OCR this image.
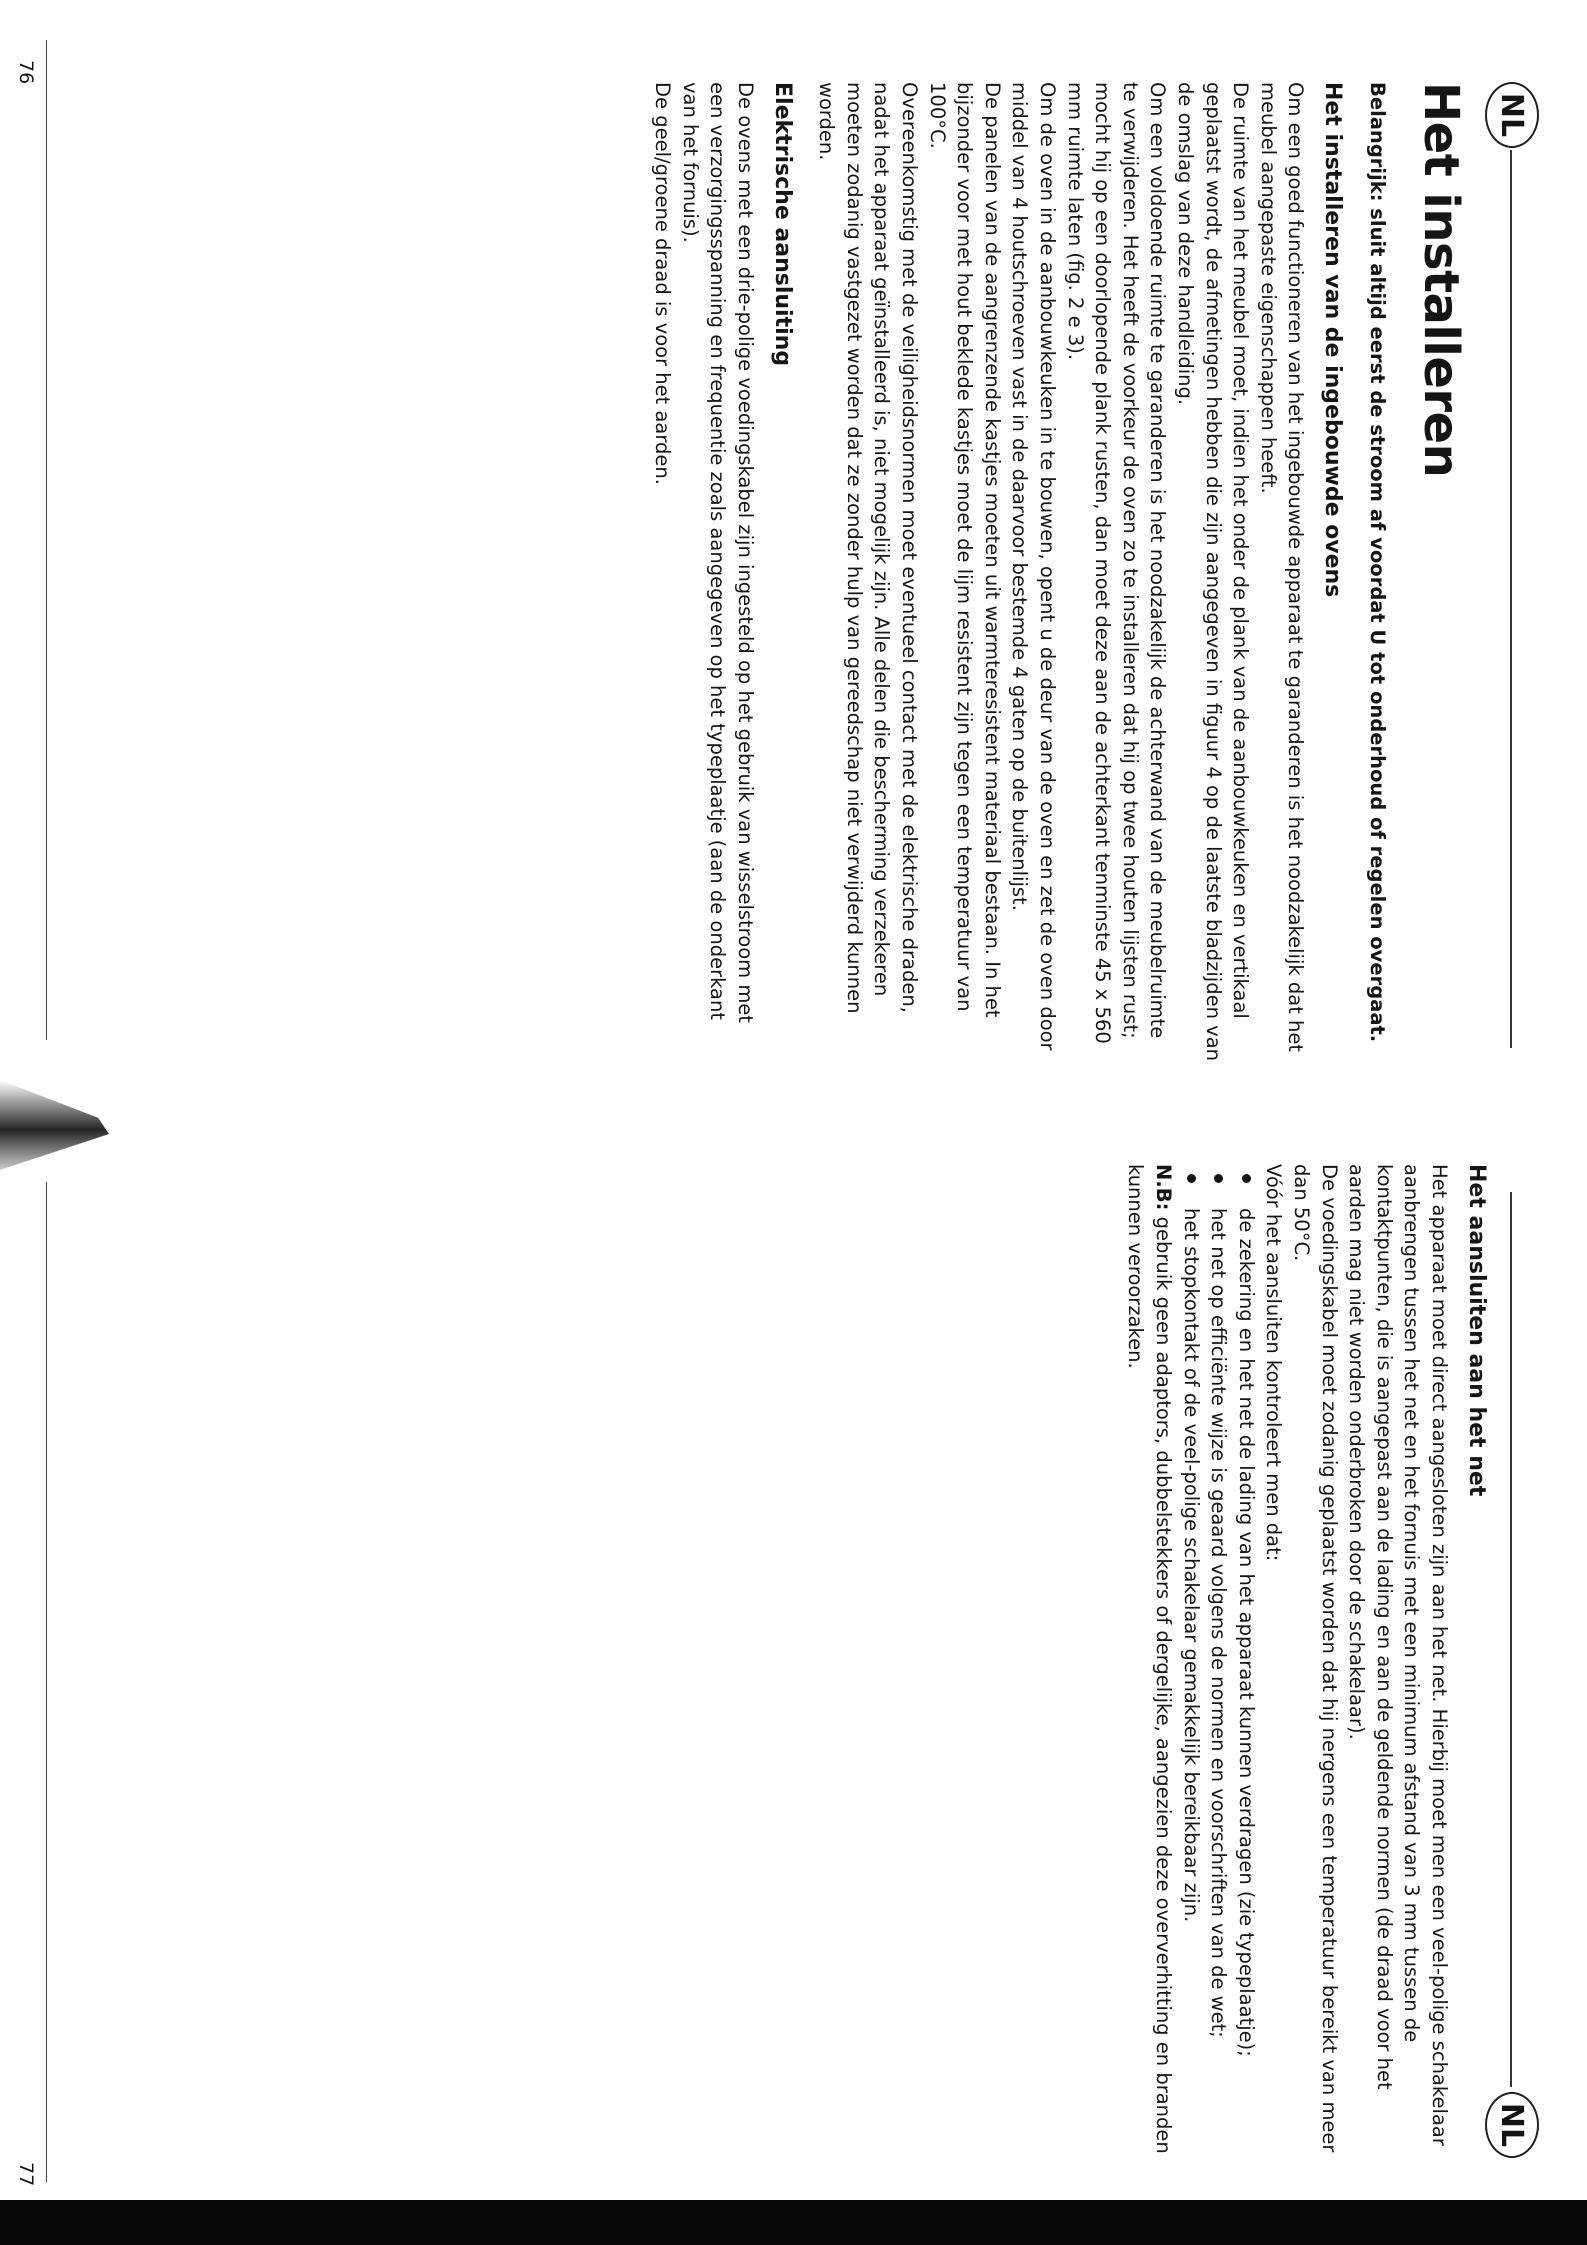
NL
Het installeren

Belangrijk: sluit altijd eerst de stroom af voordat U tot onderhoud of regelen overgaat.

Het installeren van de ingebouwde ovens

Om een goed functioneren van het ingebouwde apparaat te garanderen is het noodzakelijk dat het meubel aangepaste eigenschappen heeft.

De ruimte van het meubel moet, indien het onder de plank van de aanbouwkeuken en vertikaal geplaatst wordt, de afmetingen hebben die zijn aangegeven in figuur 4 op de laatste bladzijden van de omslag van deze handleiding.

Om een voldoende ruimte te garanderen is het noodzakelijk de achterwand van de meubelruimte te verwijderen. Het heeft de voorkeur de oven zo te installeren dat hij op twee houten lijsten rust; mocht hij op een doorlopende plank rusten, dan moet deze aan de achterkant tenminste 45 x 560 mm ruimte laten (fig. 2 e 3).

Om de oven in de aanbouwkeuken in te bouwen, opent u de deur van de oven en zet de oven door middel van 4 houtschroeven vast in de daarvoor bestemde 4 gaten op de buitenlijst.

De panelen van de aangrenzende kastjes moeten uit warmteresistent materiaal bestaan. In het bijzonder voor met hout beklede kastjes moet de lijm resistent zijn tegen een temperatuur van 100°C.

Overeenkomstig met de veiligheidsnormen moet eventueel contact met de elektrische draden, nadat het apparaat geïnstalleerd is, niet mogelijk zijn. Alle delen die bescherming verzekeren moeten zodanig vastgezet worden dat ze zonder hulp van gereedschap niet verwijderd kunnen worden.

Elektrische aansluiting

De ovens met een drie-polige voedingskabel zijn ingesteld op het gebruik van wisselstroom met een verzorgingsspanning en frequentie zoals aangegeven op het typeplaatje (aan de onderkant van het fornuis).

De geel/groene draad is voor het aarden.

76
NL
Het aansluiten aan het net

Het apparaat moet direct aangesloten zijn aan het net. Hierbij moet men een veel-polige schakelaar aanbrengen tussen het net en het fornuis met een minimum afstand van 3 mm tussen de kontaktpunten, die is aangepast aan de lading en aan de geldende normen (de draad voor het aarden mag niet worden onderbroken door de schakelaar).

De voedingskabel moet zodanig geplaatst worden dat hij nergens een temperatuur bereikt van meer dan 50°C.

Vóór het aansluiten kontroleert men dat:

de zekering en het net de lading van het apparaat kunnen verdragen (zie typeplaatje);
het net op efficiënte wijze is geaard volgens de normen en voorschriften van de wet;
het stopkontakt of de veel-polige schakelaar gemakkelijk bereikbaar zijn.

N.B: gebruik geen adaptors, dubbelstekkers of dergelijke, aangezien deze oververhitting en branden kunnen veroorzaken.

77
